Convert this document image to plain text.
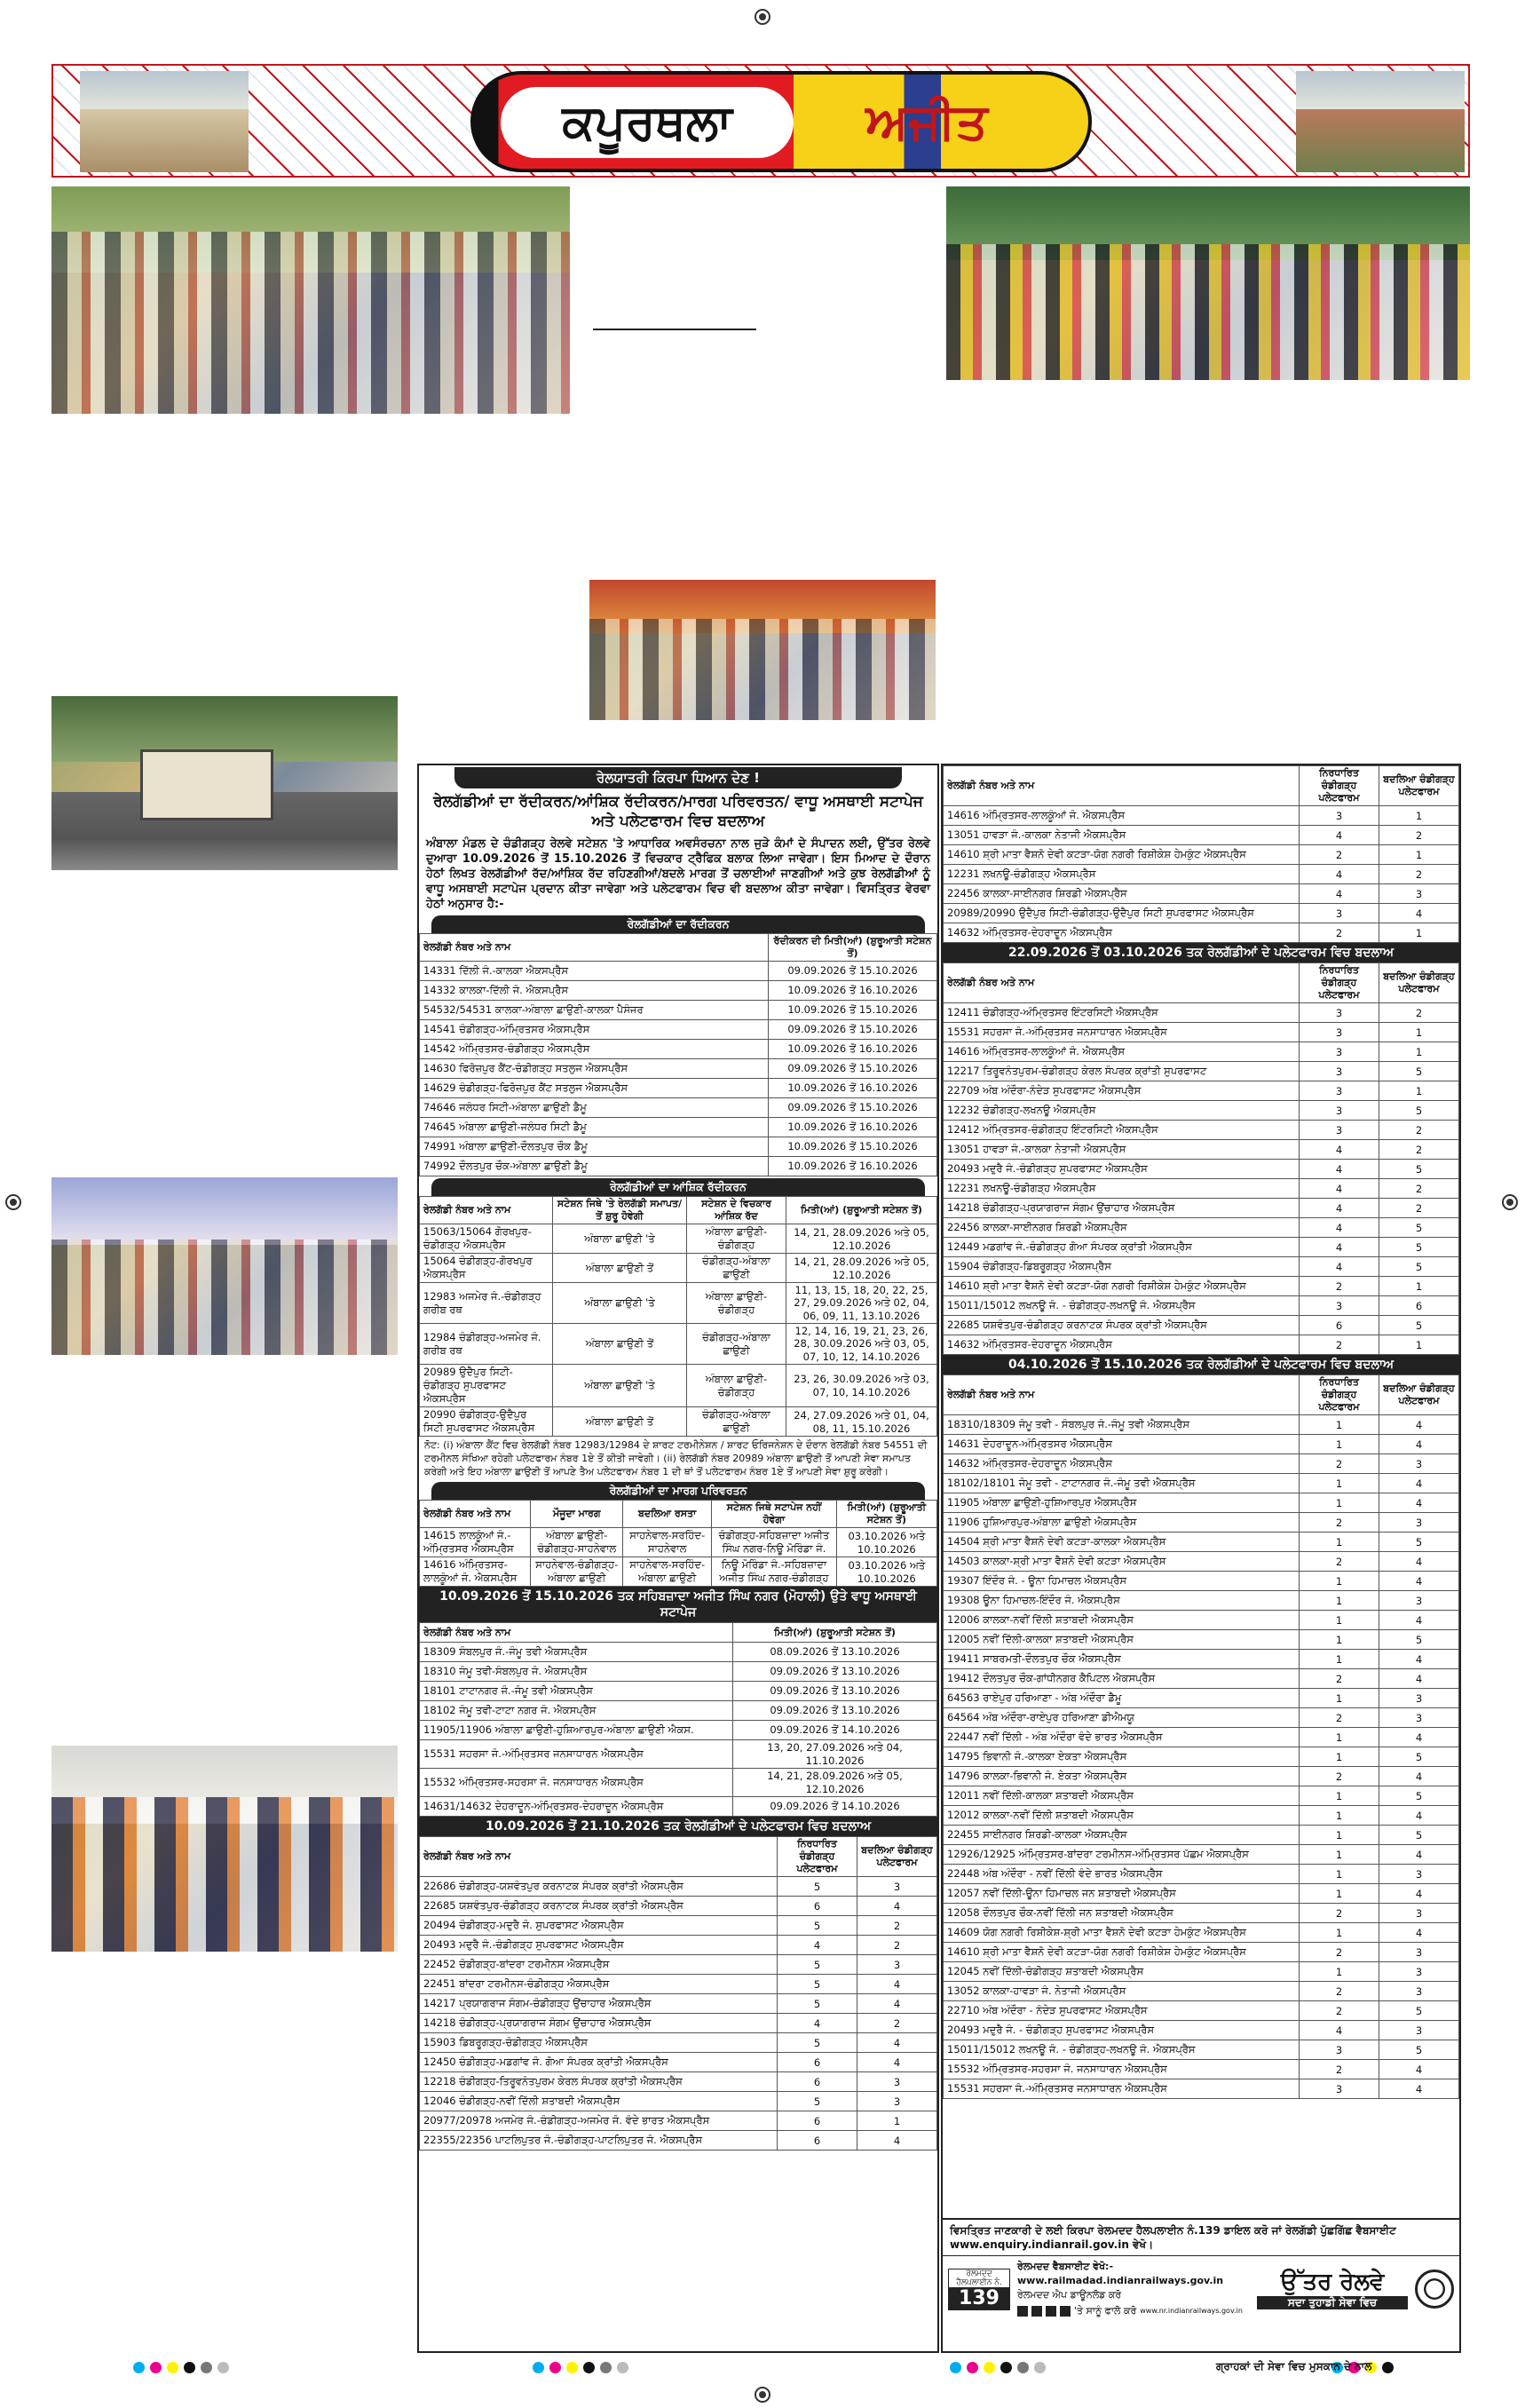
ਕਪੂਰਥਲਾ	ਅਜੀਤ
ਰੇਲਯਾਤਰੀ ਕਿਰਪਾ ਧਿਆਨ ਦੇਣ !
ਰੇਲਗੱਡੀਆਂ ਦਾ ਰੱਦੀਕਰਨ/ਆਂਸ਼ਿਕ ਰੱਦੀਕਰਨ/ਮਾਰਗ ਪਰਿਵਰਤਨ/ ਵਾਧੂ ਅਸਥਾਈ ਸਟਾਪੇਜ ਅਤੇ ਪਲੇਟਫਾਰਮ ਵਿਚ ਬਦਲਾਅ
ਅੰਬਾਲਾ ਮੰਡਲ ਦੇ ਚੰਡੀਗੜ੍ਹ ਰੇਲਵੇ ਸਟੇਸ਼ਨ 'ਤੇ ਆਧਾਰਿਕ ਅਵਸੰਰਚਨਾ ਨਾਲ ਜੁੜੇ ਕੰਮਾਂ ਦੇ ਸੰਪਾਦਨ ਲਈ, ਉੱਤਰ ਰੇਲਵੇ ਦੁਆਰਾ 10.09.2026 ਤੋਂ 15.10.2026 ਤੋਂ ਵਿਚਕਾਰ ਟ੍ਰੈਫਿਕ ਬਲਾਕ ਲਿਆ ਜਾਵੇਗਾ। ਇਸ ਮਿਆਦ ਦੇ ਦੌਰਾਨ ਹੇਠਾਂ ਲਿਖਤ ਰੇਲਗੱਡੀਆਂ ਰੱਦ/ਆਂਸ਼ਿਕ ਰੱਦ ਰਹਿਣਗੀਆਂ/ਬਦਲੇ ਮਾਰਗ ਤੋਂ ਚਲਾਈਆਂ ਜਾਣਗੀਆਂ ਅਤੇ ਕੁਝ ਰੇਲਗੱਡੀਆਂ ਨੂੰ ਵਾਧੂ ਅਸਥਾਈ ਸਟਾਪੇਜ ਪ੍ਰਦਾਨ ਕੀਤਾ ਜਾਵੇਗਾ ਅਤੇ ਪਲੇਟਫਾਰਮ ਵਿਚ ਵੀ ਬਦਲਾਅ ਕੀਤਾ ਜਾਵੇਗਾ। ਵਿਸਤ੍ਰਿਤ ਵੇਰਵਾ ਹੇਠਾਂ ਅਨੁਸਾਰ ਹੈ:-
ਰੇਲਗੱਡੀਆਂ ਦਾ ਰੱਦੀਕਰਨ
ਰੇਲਗੱਡੀ ਨੰਬਰ ਅਤੇ ਨਾਮ	ਰੱਦੀਕਰਨ ਦੀ ਮਿਤੀ(ਆਂ) (ਸ਼ੁਰੂਆਤੀ ਸਟੇਸ਼ਨ ਤੋਂ)
14331 ਦਿੱਲੀ ਜੰ.-ਕਾਲਕਾ ਐਕਸਪ੍ਰੈਸ	09.09.2026 ਤੋਂ 15.10.2026
14332 ਕਾਲਕਾ-ਦਿੱਲੀ ਜੰ. ਐਕਸਪ੍ਰੈਸ	10.09.2026 ਤੋਂ 16.10.2026
54532/54531 ਕਾਲਕਾ-ਅੰਬਾਲਾ ਛਾਉਣੀ-ਕਾਲਕਾ ਪੈਸੰਜਰ	10.09.2026 ਤੋਂ 15.10.2026
14541 ਚੰਡੀਗੜ੍ਹ-ਅੰਮ੍ਰਿਤਸਰ ਐਕਸਪ੍ਰੈਸ	09.09.2026 ਤੋਂ 15.10.2026
14542 ਅੰਮ੍ਰਿਤਸਰ-ਚੰਡੀਗੜ੍ਹ ਐਕਸਪ੍ਰੈਸ	10.09.2026 ਤੋਂ 16.10.2026
14630 ਫਿਰੋਜ਼ਪੁਰ ਕੈਂਟ-ਚੰਡੀਗੜ੍ਹ ਸਤਲੁਜ ਐਕਸਪ੍ਰੈਸ	09.09.2026 ਤੋਂ 15.10.2026
14629 ਚੰਡੀਗੜ੍ਹ-ਫਿਰੋਜ਼ਪੁਰ ਕੈਂਟ ਸਤਲੁਜ ਐਕਸਪ੍ਰੈਸ	10.09.2026 ਤੋਂ 16.10.2026
74646 ਜਲੰਧਰ ਸਿਟੀ-ਅੰਬਾਲਾ ਛਾਉਣੀ ਡੈਮੂ	09.09.2026 ਤੋਂ 15.10.2026
74645 ਅੰਬਾਲਾ ਛਾਉਣੀ-ਜਲੰਧਰ ਸਿਟੀ ਡੈਮੂ	10.09.2026 ਤੋਂ 16.10.2026
74991 ਅੰਬਾਲਾ ਛਾਉਣੀ-ਦੌਲਤਪੁਰ ਚੌਕ ਡੈਮੂ	10.09.2026 ਤੋਂ 15.10.2026
74992 ਦੌਲਤਪੁਰ ਚੌਕ-ਅੰਬਾਲਾ ਛਾਉਣੀ ਡੈਮੂ	10.09.2026 ਤੋਂ 16.10.2026
ਰੇਲਗੱਡੀਆਂ ਦਾ ਆਂਸ਼ਿਕ ਰੱਦੀਕਰਨ
ਰੇਲਗੱਡੀ ਨੰਬਰ ਅਤੇ ਨਾਮ	ਸਟੇਸ਼ਨ ਜਿਥੇ 'ਤੇ ਰੇਲਗੱਡੀ ਸਮਾਪਤ/ਤੋਂ ਸ਼ੁਰੂ ਹੋਵੇਗੀ	ਸਟੇਸ਼ਨ ਦੇ ਵਿਚਕਾਰ ਆਂਸ਼ਿਕ ਰੱਦ	ਮਿਤੀ(ਆਂ) (ਸ਼ੁਰੂਆਤੀ ਸਟੇਸ਼ਨ ਤੋਂ)
15063/15064 ਗੋਰਖਪੁਰ-ਚੰਡੀਗੜ੍ਹ ਐਕਸਪ੍ਰੈਸ	ਅੰਬਾਲਾ ਛਾਉਣੀ 'ਤੇ	ਅੰਬਾਲਾ ਛਾਉਣੀ-ਚੰਡੀਗੜ੍ਹ	14, 21, 28.09.2026 ਅਤੇ 05, 12.10.2026
15064 ਚੰਡੀਗੜ੍ਹ-ਗੋਰਖਪੁਰ ਐਕਸਪ੍ਰੈਸ	ਅੰਬਾਲਾ ਛਾਉਣੀ ਤੋਂ	ਚੰਡੀਗੜ੍ਹ-ਅੰਬਾਲਾ ਛਾਉਣੀ	14, 21, 28.09.2026 ਅਤੇ 05, 12.10.2026
12983 ਅਜਮੇਰ ਜੰ.-ਚੰਡੀਗੜ੍ਹ ਗਰੀਬ ਰਥ	ਅੰਬਾਲਾ ਛਾਉਣੀ 'ਤੇ	ਅੰਬਾਲਾ ਛਾਉਣੀ-ਚੰਡੀਗੜ੍ਹ	11, 13, 15, 18, 20, 22, 25, 27, 29.09.2026 ਅਤੇ 02, 04, 06, 09, 11, 13.10.2026
12984 ਚੰਡੀਗੜ੍ਹ-ਅਜਮੇਰ ਜੰ. ਗਰੀਬ ਰਥ	ਅੰਬਾਲਾ ਛਾਉਣੀ ਤੋਂ	ਚੰਡੀਗੜ੍ਹ-ਅੰਬਾਲਾ ਛਾਉਣੀ	12, 14, 16, 19, 21, 23, 26, 28, 30.09.2026 ਅਤੇ 03, 05, 07, 10, 12, 14.10.2026
20989 ਉਦੈਪੁਰ ਸਿਟੀ-ਚੰਡੀਗੜ੍ਹ ਸੁਪਰਫਾਸਟ ਐਕਸਪ੍ਰੈਸ	ਅੰਬਾਲਾ ਛਾਉਣੀ 'ਤੇ	ਅੰਬਾਲਾ ਛਾਉਣੀ-ਚੰਡੀਗੜ੍ਹ	23, 26, 30.09.2026 ਅਤੇ 03, 07, 10, 14.10.2026
20990 ਚੰਡੀਗੜ੍ਹ-ਉਦੈਪੁਰ ਸਿਟੀ ਸੁਪਰਫਾਸਟ ਐਕਸਪ੍ਰੈਸ	ਅੰਬਾਲਾ ਛਾਉਣੀ ਤੋਂ	ਚੰਡੀਗੜ੍ਹ-ਅੰਬਾਲਾ ਛਾਉਣੀ	24, 27.09.2026 ਅਤੇ 01, 04, 08, 11, 15.10.2026
ਨੋਟ: (i) ਅੰਬਾਲਾ ਕੈਂਟ ਵਿਚ ਰੇਲਗੱਡੀ ਨੰਬਰ 12983/12984 ਦੇ ਸ਼ਾਰਟ ਟਰਮੀਨੇਸ਼ਨ / ਸ਼ਾਰਟ ਓਰਿਜਨੇਸ਼ਨ ਦੇ ਦੌਰਾਨ ਰੇਲਗੱਡੀ ਨੰਬਰ 54551 ਦੀ ਟਰਮੀਨਲ ਸੰਖਿਆ ਰਹੇਗੀ ਪਲੇਟਫਾਰਮ ਨੰਬਰ 1ਏ ਤੋਂ ਕੀਤੀ ਜਾਵੇਗੀ। (ii) ਰੇਲਗੱਡੀ ਨੰਬਰ 20989 ਅੰਬਾਲਾ ਛਾਉਣੀ ਤੋਂ ਆਪਣੀ ਸੇਵਾ ਸਮਾਪਤ ਕਰੇਗੀ ਅਤੇ ਇਹ ਅੰਬਾਲਾ ਛਾਉਣੀ ਤੋਂ ਆਪਣੇ ਤੈਅ ਪਲੇਟਫਾਰਮ ਨੰਬਰ 1 ਦੀ ਥਾਂ ਤੋਂ ਪਲੇਟਫਾਰਮ ਨੰਬਰ 1ਏ ਤੋਂ ਆਪਣੀ ਸੇਵਾ ਸ਼ੁਰੂ ਕਰੇਗੀ।
ਰੇਲਗੱਡੀਆਂ ਦਾ ਮਾਰਗ ਪਰਿਵਰਤਨ
ਰੇਲਗੱਡੀ ਨੰਬਰ ਅਤੇ ਨਾਮ	ਮੌਜੂਦਾ ਮਾਰਗ	ਬਦਲਿਆ ਰਸਤਾ	ਸਟੇਸ਼ਨ ਜਿਥੇ ਸਟਾਪੇਜ ਨਹੀਂ ਹੋਵੇਗਾ	ਮਿਤੀ(ਆਂ) (ਸ਼ੁਰੂਆਤੀ ਸਟੇਸ਼ਨ ਤੋਂ)
14615 ਲਾਲਕੂੰਆਂ ਜੰ.-ਅੰਮ੍ਰਿਤਸਰ ਐਕਸਪ੍ਰੈਸ	ਅੰਬਾਲਾ ਛਾਉਣੀ-ਚੰਡੀਗੜ੍ਹ-ਸਾਹਨੇਵਾਲ	ਸਾਹਨੇਵਾਲ-ਸਰਹਿੰਦ-ਸਾਹਨੇਵਾਲ	ਚੰਡੀਗੜ੍ਹ-ਸਹਿਬਜ਼ਾਦਾ ਅਜੀਤ ਸਿੰਘ ਨਗਰ-ਨਿਊ ਮੋਰਿੰਡਾ ਜੰ.	03.10.2026 ਅਤੇ 10.10.2026
14616 ਅੰਮ੍ਰਿਤਸਰ-ਲਾਲਕੂੰਆਂ ਜੰ. ਐਕਸਪ੍ਰੈਸ	ਸਾਹਨੇਵਾਲ-ਚੰਡੀਗੜ੍ਹ-ਅੰਬਾਲਾ ਛਾਉਣੀ	ਸਾਹਨੇਵਾਲ-ਸਰਹਿੰਦ-ਅੰਬਾਲਾ ਛਾਉਣੀ	ਨਿਊ ਮੋਰਿੰਡਾ ਜੰ.-ਸਹਿਬਜ਼ਾਦਾ ਅਜੀਤ ਸਿੰਘ ਨਗਰ-ਚੰਡੀਗੜ੍ਹ	03.10.2026 ਅਤੇ 10.10.2026
10.09.2026 ਤੋਂ 15.10.2026 ਤਕ ਸਹਿਬਜ਼ਾਦਾ ਅਜੀਤ ਸਿੰਘ ਨਗਰ (ਮੋਹਾਲੀ) ਉਤੇ ਵਾਧੂ ਅਸਥਾਈ ਸਟਾਪੇਜ
ਰੇਲਗੱਡੀ ਨੰਬਰ ਅਤੇ ਨਾਮ	ਮਿਤੀ(ਆਂ) (ਸ਼ੁਰੂਆਤੀ ਸਟੇਸ਼ਨ ਤੋਂ)
18309 ਸੰਬਲਪੁਰ ਜੰ.-ਜੰਮੂ ਤਵੀ ਐਕਸਪ੍ਰੈਸ	08.09.2026 ਤੋਂ 13.10.2026
18310 ਜੰਮੂ ਤਵੀ-ਸੰਬਲਪੁਰ ਜੰ. ਐਕਸਪ੍ਰੈਸ	09.09.2026 ਤੋਂ 13.10.2026
18101 ਟਾਟਾਨਗਰ ਜੰ.-ਜੰਮੂ ਤਵੀ ਐਕਸਪ੍ਰੈਸ	09.09.2026 ਤੋਂ 13.10.2026
18102 ਜੰਮੂ ਤਵੀ-ਟਾਟਾ ਨਗਰ ਜੰ. ਐਕਸਪ੍ਰੈਸ	09.09.2026 ਤੋਂ 13.10.2026
11905/11906 ਅੰਬਾਲਾ ਛਾਉਣੀ-ਹੁਸ਼ਿਆਰਪੁਰ-ਅੰਬਾਲਾ ਛਾਉਣੀ ਐਕਸ.	09.09.2026 ਤੋਂ 14.10.2026
15531 ਸਹਰਸਾ ਜੰ.-ਅੰਮ੍ਰਿਤਸਰ ਜਨਸਾਧਾਰਨ ਐਕਸਪ੍ਰੈਸ	13, 20, 27.09.2026 ਅਤੇ 04, 11.10.2026
15532 ਅੰਮ੍ਰਿਤਸਰ-ਸਹਰਸਾ ਜੰ. ਜਨਸਾਧਾਰਨ ਐਕਸਪ੍ਰੈਸ	14, 21, 28.09.2026 ਅਤੇ 05, 12.10.2026
14631/14632 ਦੇਹਰਾਦੂਨ-ਅੰਮ੍ਰਿਤਸਰ-ਦੇਹਰਾਦੂਨ ਐਕਸਪ੍ਰੈਸ	09.09.2026 ਤੋਂ 14.10.2026
10.09.2026 ਤੋਂ 21.10.2026 ਤਕ ਰੇਲਗੱਡੀਆਂ ਦੇ ਪਲੇਟਫਾਰਮ ਵਿਚ ਬਦਲਾਅ
ਰੇਲਗੱਡੀ ਨੰਬਰ ਅਤੇ ਨਾਮ	ਨਿਰਧਾਰਿਤ ਚੰਡੀਗੜ੍ਹ ਪਲੇਟਫਾਰਮ	ਬਦਲਿਆ ਚੰਡੀਗੜ੍ਹ ਪਲੇਟਫਾਰਮ
22686 ਚੰਡੀਗੜ੍ਹ-ਯਸ਼ਵੰਤਪੁਰ ਕਰਨਾਟਕ ਸੰਪਰਕ ਕ੍ਰਾਂਤੀ ਐਕਸਪ੍ਰੈਸ	5	3
22685 ਯਸ਼ਵੰਤਪੁਰ-ਚੰਡੀਗੜ੍ਹ ਕਰਨਾਟਕ ਸੰਪਰਕ ਕ੍ਰਾਂਤੀ ਐਕਸਪ੍ਰੈਸ	6	4
20494 ਚੰਡੀਗੜ੍ਹ-ਮਦੁਰੈ ਜੰ. ਸੁਪਰਫਾਸਟ ਐਕਸਪ੍ਰੈਸ	5	2
20493 ਮਦੁਰੈ ਜੰ.-ਚੰਡੀਗੜ੍ਹ ਸੁਪਰਫਾਸਟ ਐਕਸਪ੍ਰੈਸ	4	2
22452 ਚੰਡੀਗੜ੍ਹ-ਬਾਂਦਰਾ ਟਰਮੀਨਸ ਐਕਸਪ੍ਰੈਸ	5	3
22451 ਬਾਂਦਰਾ ਟਰਮੀਨਸ-ਚੰਡੀਗੜ੍ਹ ਐਕਸਪ੍ਰੈਸ	5	4
14217 ਪ੍ਰਯਾਗਰਾਜ ਸੰਗਮ-ਚੰਡੀਗੜ੍ਹ ਉਂਚਾਹਾਰ ਐਕਸਪ੍ਰੈਸ	5	4
14218 ਚੰਡੀਗੜ੍ਹ-ਪ੍ਰਯਾਗਰਾਜ ਸੰਗਮ ਉਂਚਾਹਾਰ ਐਕਸਪ੍ਰੈਸ	4	2
15903 ਡਿਬਰੂਗੜ੍ਹ-ਚੰਡੀਗੜ੍ਹ ਐਕਸਪ੍ਰੈਸ	5	4
12450 ਚੰਡੀਗੜ੍ਹ-ਮਡਗਾਂਵ ਜੰ. ਗੋਆ ਸੰਪਰਕ ਕ੍ਰਾਂਤੀ ਐਕਸਪ੍ਰੈਸ	6	4
12218 ਚੰਡੀਗੜ੍ਹ-ਤਿਰੂਵਨੰਤਪੁਰਮ ਕੇਰਲ ਸੰਪਰਕ ਕ੍ਰਾਂਤੀ ਐਕਸਪ੍ਰੈਸ	6	3
12046 ਚੰਡੀਗੜ੍ਹ-ਨਵੀਂ ਦਿੱਲੀ ਸ਼ਤਾਬਦੀ ਐਕਸਪ੍ਰੈਸ	5	3
20977/20978 ਅਜਮੇਰ ਜੰ.-ਚੰਡੀਗੜ੍ਹ-ਅਜਮੇਰ ਜੰ. ਵੰਦੇ ਭਾਰਤ ਐਕਸਪ੍ਰੈਸ	6	1
22355/22356 ਪਾਟਲਿਪੁਤਰ ਜੰ.-ਚੰਡੀਗੜ੍ਹ-ਪਾਟਲਿਪੁਤਰ ਜੰ. ਐਕਸਪ੍ਰੈਸ	6	4
ਰੇਲਗੱਡੀ ਨੰਬਰ ਅਤੇ ਨਾਮ	ਨਿਰਧਾਰਿਤ ਚੰਡੀਗੜ੍ਹ ਪਲੇਟਫਾਰਮ	ਬਦਲਿਆ ਚੰਡੀਗੜ੍ਹ ਪਲੇਟਫਾਰਮ
14616 ਅੰਮ੍ਰਿਤਸਰ-ਲਾਲਕੂੰਆਂ ਜੰ. ਐਕਸਪ੍ਰੈਸ	3	1
13051 ਹਾਵੜਾ ਜੰ.-ਕਾਲਕਾ ਨੇਤਾਜੀ ਐਕਸਪ੍ਰੈਸ	4	2
14610 ਸ਼੍ਰੀ ਮਾਤਾ ਵੈਸ਼ਨੋ ਦੇਵੀ ਕਟੜਾ-ਯੋਗ ਨਗਰੀ ਰਿਸ਼ੀਕੇਸ਼ ਹੇਮਕੁੰਟ ਐਕਸਪ੍ਰੈਸ	2	1
12231 ਲਖਨਊ-ਚੰਡੀਗੜ੍ਹ ਐਕਸਪ੍ਰੈਸ	4	2
22456 ਕਾਲਕਾ-ਸਾਈਨਗਰ ਸ਼ਿਰਡੀ ਐਕਸਪ੍ਰੈਸ	4	3
20989/20990 ਉਦੈਪੁਰ ਸਿਟੀ-ਚੰਡੀਗੜ੍ਹ-ਉਦੈਪੁਰ ਸਿਟੀ ਸੁਪਰਫਾਸਟ ਐਕਸਪ੍ਰੈਸ	3	4
14632 ਅੰਮ੍ਰਿਤਸਰ-ਦੇਹਰਾਦੂਨ ਐਕਸਪ੍ਰੈਸ	2	1
22.09.2026 ਤੋਂ 03.10.2026 ਤਕ ਰੇਲਗੱਡੀਆਂ ਦੇ ਪਲੇਟਫਾਰਮ ਵਿਚ ਬਦਲਾਅ
ਰੇਲਗੱਡੀ ਨੰਬਰ ਅਤੇ ਨਾਮ	ਨਿਰਧਾਰਿਤ ਚੰਡੀਗੜ੍ਹ ਪਲੇਟਫਾਰਮ	ਬਦਲਿਆ ਚੰਡੀਗੜ੍ਹ ਪਲੇਟਫਾਰਮ
12411 ਚੰਡੀਗੜ੍ਹ-ਅੰਮ੍ਰਿਤਸਰ ਇੰਟਰਸਿਟੀ ਐਕਸਪ੍ਰੈਸ	3	2
15531 ਸਹਰਸਾ ਜੰ.-ਅੰਮ੍ਰਿਤਸਰ ਜਨਸਾਧਾਰਨ ਐਕਸਪ੍ਰੈਸ	3	1
14616 ਅੰਮ੍ਰਿਤਸਰ-ਲਾਲਕੂੰਆਂ ਜੰ. ਐਕਸਪ੍ਰੈਸ	3	1
12217 ਤਿਰੂਵਨੰਤਪੁਰਮ-ਚੰਡੀਗੜ੍ਹ ਕੇਰਲ ਸੰਪਰਕ ਕ੍ਰਾਂਤੀ ਸੁਪਰਫਾਸਟ	3	5
22709 ਅੰਬ ਅੰਦੌਰਾ-ਨੰਦੇੜ ਸੁਪਰਫਾਸਟ ਐਕਸਪ੍ਰੈਸ	3	1
12232 ਚੰਡੀਗੜ੍ਹ-ਲਖਨਊ ਐਕਸਪ੍ਰੈਸ	3	5
12412 ਅੰਮ੍ਰਿਤਸਰ-ਚੰਡੀਗੜ੍ਹ ਇੰਟਰਸਿਟੀ ਐਕਸਪ੍ਰੈਸ	3	2
13051 ਹਾਵੜਾ ਜੰ.-ਕਾਲਕਾ ਨੇਤਾਜੀ ਐਕਸਪ੍ਰੈਸ	4	2
20493 ਮਦੁਰੈ ਜੰ.-ਚੰਡੀਗੜ੍ਹ ਸੁਪਰਫਾਸਟ ਐਕਸਪ੍ਰੈਸ	4	5
12231 ਲਖਨਊ-ਚੰਡੀਗੜ੍ਹ ਐਕਸਪ੍ਰੈਸ	4	2
14218 ਚੰਡੀਗੜ੍ਹ-ਪ੍ਰਯਾਗਰਾਜ ਸੰਗਮ ਉਂਚਾਹਾਰ ਐਕਸਪ੍ਰੈਸ	4	2
22456 ਕਾਲਕਾ-ਸਾਈਨਗਰ ਸ਼ਿਰਡੀ ਐਕਸਪ੍ਰੈਸ	4	5
12449 ਮਡਗਾਂਵ ਜੰ.-ਚੰਡੀਗੜ੍ਹ ਗੋਆ ਸੰਪਰਕ ਕ੍ਰਾਂਤੀ ਐਕਸਪ੍ਰੈਸ	4	5
15904 ਚੰਡੀਗੜ੍ਹ-ਡਿਬਰੂਗੜ੍ਹ ਐਕਸਪ੍ਰੈਸ	4	5
14610 ਸ਼੍ਰੀ ਮਾਤਾ ਵੈਸ਼ਨੋ ਦੇਵੀ ਕਟੜਾ-ਯੋਗ ਨਗਰੀ ਰਿਸ਼ੀਕੇਸ਼ ਹੇਮਕੁੰਟ ਐਕਸਪ੍ਰੈਸ	2	1
15011/15012 ਲਖਨਊ ਜੰ. - ਚੰਡੀਗੜ੍ਹ-ਲਖਨਊ ਜੰ. ਐਕਸਪ੍ਰੈਸ	3	6
22685 ਯਸ਼ਵੰਤਪੁਰ-ਚੰਡੀਗੜ੍ਹ ਕਰਨਾਟਕ ਸੰਪਰਕ ਕ੍ਰਾਂਤੀ ਐਕਸਪ੍ਰੈਸ	6	5
14632 ਅੰਮ੍ਰਿਤਸਰ-ਦੇਹਰਾਦੂਨ ਐਕਸਪ੍ਰੈਸ	2	1
04.10.2026 ਤੋਂ 15.10.2026 ਤਕ ਰੇਲਗੱਡੀਆਂ ਦੇ ਪਲੇਟਫਾਰਮ ਵਿਚ ਬਦਲਾਅ
ਰੇਲਗੱਡੀ ਨੰਬਰ ਅਤੇ ਨਾਮ	ਨਿਰਧਾਰਿਤ ਚੰਡੀਗੜ੍ਹ ਪਲੇਟਫਾਰਮ	ਬਦਲਿਆ ਚੰਡੀਗੜ੍ਹ ਪਲੇਟਫਾਰਮ
18310/18309 ਜੰਮੂ ਤਵੀ - ਸੰਬਲਪੁਰ ਜੰ.-ਜੰਮੂ ਤਵੀ ਐਕਸਪ੍ਰੈਸ	1	4
14631 ਦੇਹਰਾਦੂਨ-ਅੰਮ੍ਰਿਤਸਰ ਐਕਸਪ੍ਰੈਸ	1	4
14632 ਅੰਮ੍ਰਿਤਸਰ-ਦੇਹਰਾਦੂਨ ਐਕਸਪ੍ਰੈਸ	2	3
18102/18101 ਜੰਮੂ ਤਵੀ - ਟਾਟਾਨਗਰ ਜੰ.-ਜੰਮੂ ਤਵੀ ਐਕਸਪ੍ਰੈਸ	1	4
11905 ਅੰਬਾਲਾ ਛਾਉਣੀ-ਹੁਸ਼ਿਆਰਪੁਰ ਐਕਸਪ੍ਰੈਸ	1	4
11906 ਹੁਸ਼ਿਆਰਪੁਰ-ਅੰਬਾਲਾ ਛਾਉਣੀ ਐਕਸਪ੍ਰੈਸ	2	3
14504 ਸ਼੍ਰੀ ਮਾਤਾ ਵੈਸ਼ਨੋ ਦੇਵੀ ਕਟੜਾ-ਕਾਲਕਾ ਐਕਸਪ੍ਰੈਸ	1	5
14503 ਕਾਲਕਾ-ਸ਼੍ਰੀ ਮਾਤਾ ਵੈਸ਼ਨੋ ਦੇਵੀ ਕਟੜਾ ਐਕਸਪ੍ਰੈਸ	2	4
19307 ਇੰਦੌਰ ਜੰ. - ਊਨਾ ਹਿਮਾਚਲ ਐਕਸਪ੍ਰੈਸ	1	4
19308 ਊਨਾ ਹਿਮਾਚਲ-ਇੰਦੌਰ ਜੰ. ਐਕਸਪ੍ਰੈਸ	1	3
12006 ਕਾਲਕਾ-ਨਵੀਂ ਦਿੱਲੀ ਸ਼ਤਾਬਦੀ ਐਕਸਪ੍ਰੈਸ	1	4
12005 ਨਵੀਂ ਦਿੱਲੀ-ਕਾਲਕਾ ਸ਼ਤਾਬਦੀ ਐਕਸਪ੍ਰੈਸ	1	5
19411 ਸਾਬਰਮਤੀ-ਦੌਲਤਪੁਰ ਚੌਕ ਐਕਸਪ੍ਰੈਸ	1	4
19412 ਦੌਲਤਪੁਰ ਚੌਕ-ਗਾਂਧੀਨਗਰ ਕੈਪਿਟਲ ਐਕਸਪ੍ਰੈਸ	2	4
64563 ਰਾਏਪੁਰ ਹਰਿਆਣਾ - ਅੰਬ ਅੰਦੌਰਾ ਡੈਮੂ	1	3
64564 ਅੰਬ ਅੰਦੌਰਾ-ਰਾਏਪੁਰ ਹਰਿਆਣਾ ਡੀਐਮਯੂ	2	3
22447 ਨਵੀਂ ਦਿੱਲੀ - ਅੰਬ ਅੰਦੌਰਾ ਵੰਦੇ ਭਾਰਤ ਐਕਸਪ੍ਰੈਸ	1	4
14795 ਭਿਵਾਨੀ ਜੰ.-ਕਾਲਕਾ ਏਕਤਾ ਐਕਸਪ੍ਰੈਸ	1	5
14796 ਕਾਲਕਾ-ਭਿਵਾਨੀ ਜੰ. ਏਕਤਾ ਐਕਸਪ੍ਰੈਸ	2	4
12011 ਨਵੀਂ ਦਿੱਲੀ-ਕਾਲਕਾ ਸ਼ਤਾਬਦੀ ਐਕਸਪ੍ਰੈਸ	1	5
12012 ਕਾਲਕਾ-ਨਵੀਂ ਦਿੱਲੀ ਸ਼ਤਾਬਦੀ ਐਕਸਪ੍ਰੈਸ	1	4
22455 ਸਾਈਨਗਰ ਸ਼ਿਰਡੀ-ਕਾਲਕਾ ਐਕਸਪ੍ਰੈਸ	1	5
12926/12925 ਅੰਮ੍ਰਿਤਸਰ-ਬਾਂਦਰਾ ਟਰਮੀਨਸ-ਅੰਮ੍ਰਿਤਸਰ ਪੱਛਮ ਐਕਸਪ੍ਰੈਸ	1	4
22448 ਅੰਬ ਅੰਦੌਰਾ - ਨਵੀਂ ਦਿੱਲੀ ਵੰਦੇ ਭਾਰਤ ਐਕਸਪ੍ਰੈਸ	1	3
12057 ਨਵੀਂ ਦਿੱਲੀ-ਊਨਾ ਹਿਮਾਚਲ ਜਨ ਸ਼ਤਾਬਦੀ ਐਕਸਪ੍ਰੈਸ	1	4
12058 ਦੌਲਤਪੁਰ ਚੌਕ-ਨਵੀਂ ਦਿੱਲੀ ਜਨ ਸ਼ਤਾਬਦੀ ਐਕਸਪ੍ਰੈਸ	2	3
14609 ਯੋਗ ਨਗਰੀ ਰਿਸ਼ੀਕੇਸ਼-ਸ਼੍ਰੀ ਮਾਤਾ ਵੈਸ਼ਨੋ ਦੇਵੀ ਕਟੜਾ ਹੇਮਕੁੰਟ ਐਕਸਪ੍ਰੈਸ	1	4
14610 ਸ਼੍ਰੀ ਮਾਤਾ ਵੈਸ਼ਨੋ ਦੇਵੀ ਕਟੜਾ-ਯੋਗ ਨਗਰੀ ਰਿਸ਼ੀਕੇਸ਼ ਹੇਮਕੁੰਟ ਐਕਸਪ੍ਰੈਸ	2	3
12045 ਨਵੀਂ ਦਿੱਲੀ-ਚੰਡੀਗੜ੍ਹ ਸ਼ਤਾਬਦੀ ਐਕਸਪ੍ਰੈਸ	1	3
13052 ਕਾਲਕਾ-ਹਾਵੜਾ ਜੰ. ਨੇਤਾਜੀ ਐਕਸਪ੍ਰੈਸ	2	3
22710 ਅੰਬ ਅੰਦੌਰਾ - ਨੰਦੇੜ ਸੁਪਰਫਾਸਟ ਐਕਸਪ੍ਰੈਸ	2	5
20493 ਮਦੁਰੈ ਜੰ. - ਚੰਡੀਗੜ੍ਹ ਸੁਪਰਫਾਸਟ ਐਕਸਪ੍ਰੈਸ	4	3
15011/15012 ਲਖਨਊ ਜੰ. - ਚੰਡੀਗੜ੍ਹ-ਲਖਨਊ ਜੰ. ਐਕਸਪ੍ਰੈਸ	3	5
15532 ਅੰਮ੍ਰਿਤਸਰ-ਸਹਰਸਾ ਜੰ. ਜਨਸਾਧਾਰਨ ਐਕਸਪ੍ਰੈਸ	2	4
15531 ਸਹਰਸਾ ਜੰ.-ਅੰਮ੍ਰਿਤਸਰ ਜਨਸਾਧਾਰਨ ਐਕਸਪ੍ਰੈਸ	3	4
ਵਿਸਤ੍ਰਿਤ ਜਾਣਕਾਰੀ ਦੇ ਲਈ ਕਿਰਪਾ ਰੇਲਮਦਦ ਹੈਲਪਲਾਈਨ ਨੰ.139 ਡਾਇਲ ਕਰੋ ਜਾਂ ਰੇਲਗੱਡੀ ਪੁੱਛਗਿੱਛ ਵੈਬਸਾਈਟ www.enquiry.indianrail.gov.in ਵੇਖੋ।
ਰੇਲਮਦਦ ਹੈਲਪਲਾਈਨ ਨੰ.
139
ਰੇਲਮਦਦ ਵੈਬਸਾਈਟ ਵੇਖੋ:-
www.railmadad.indianrailways.gov.in
ਰੇਲਮਦਦ ਐਪ ਡਾਊਨਲੋਡ ਕਰੋ
'ਤੇ ਸਾਨੂੰ ਫਾਲੋ ਕਰੋ www.nr.indianrailways.gov.in
ਉੱਤਰ ਰੇਲਵੇ
ਸਦਾ ਤੁਹਾਡੀ ਸੇਵਾ ਵਿਚ
ਗ੍ਰਾਹਕਾਂ ਦੀ ਸੇਵਾ ਵਿਚ ਮੁਸਕਾਨ ਦੇ ਨਾਲ
